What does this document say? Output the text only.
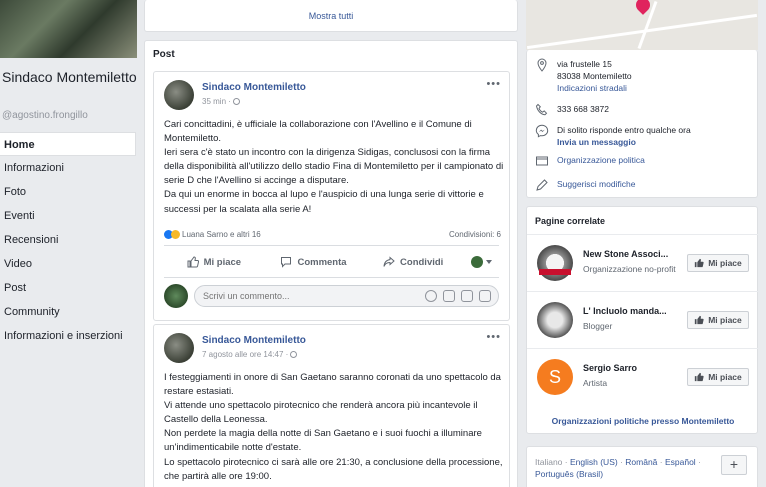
Sindaco Montemiletto
@agostino.frongillo
Home
Informazioni
Foto
Eventi
Recensioni
Video
Post
Community
Informazioni e inserzioni
Mostra tutti
Post
Sindaco Montemiletto
35 min ·
•••

Cari concittadini, è ufficiale la collaborazione con l'Avellino e il Comune di Montemiletto.

Ieri sera c'è stato un incontro con la dirigenza Sidigas, conclusosi con la firma della disponibilità all'utilizzo dello stadio Fina di Montemiletto per il campionato di serie D che l'Avellino si accinge a disputare.

Da qui un enorme in bocca al lupo e l'auspicio di una lunga serie di vittorie e successi per la scalata alla serie A!

Luana Sarno e altri 16	Condivisioni: 6
Mi piace	Commenta	Condividi
Scrivi un commento...
Sindaco Montemiletto
7 agosto alle ore 14:47 ·
•••

I festeggiamenti in onore di San Gaetano saranno coronati da uno spettacolo da restare estasiati.

Vi attende uno spettacolo pirotecnico che renderà ancora più incantevole il Castello della Leonessa.

Non perdete la magia della notte di San Gaetano e i suoi fuochi a illuminare un'indimenticabile notte d'estate.

Lo spettacolo pirotecnico ci sarà alle ore 21:30, a conclusione della processione, che partirà alle ore 19:00.

via frustelle 15
83038 Montemiletto
Indicazioni stradali
333 668 3872
Di solito risponde entro qualche ora
Invia un messaggio
Organizzazione politica
Suggerisci modifiche
Pagine correlate
New Stone Associ...
Organizzazione no-profit
Mi piace
L' Incluolo manda...
Blogger
Mi piace
S	Sergio Sarro
Artista
Mi piace
Organizzazioni politiche presso Montemiletto
Italiano · English (US) · Română · Español · Português (Brasil)
+
